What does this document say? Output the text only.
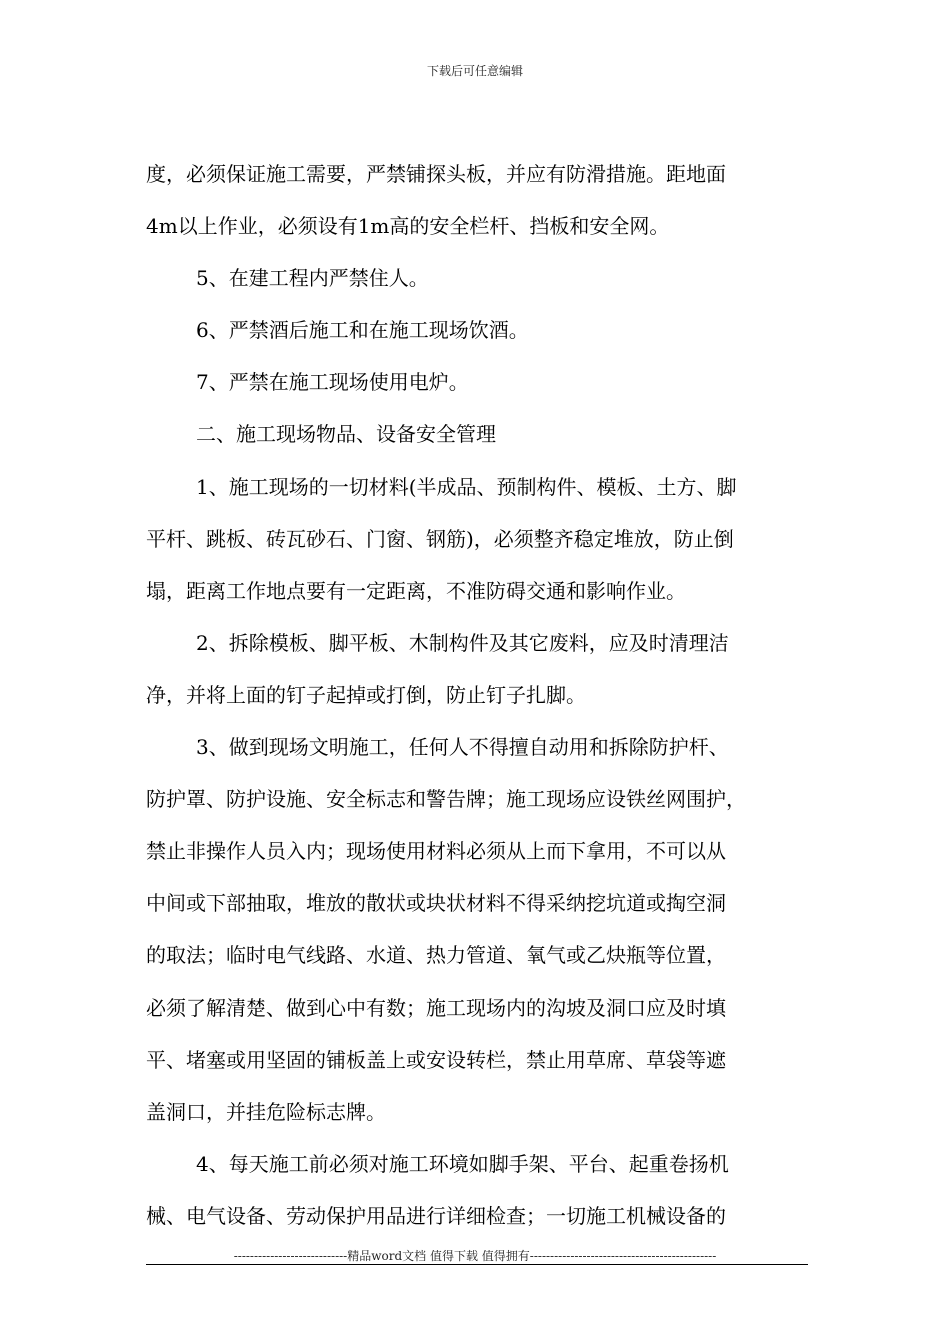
下载后可任意编辑
度，必须保证施工需要，严禁铺探头板，并应有防滑措施。距地面
4m以上作业，必须设有1m高的安全栏杆、挡板和安全网。
5、在建工程内严禁住人。
6、严禁酒后施工和在施工现场饮酒。
7、严禁在施工现场使用电炉。
二、施工现场物品、设备安全管理
1、施工现场的一切材料(半成品、预制构件、模板、土方、脚
平杆、跳板、砖瓦砂石、门窗、钢筋)，必须整齐稳定堆放，防止倒
塌，距离工作地点要有一定距离，不准防碍交通和影响作业。
2、拆除模板、脚平板、木制构件及其它废料，应及时清理洁
净，并将上面的钉子起掉或打倒，防止钉子扎脚。
3、做到现场文明施工，任何人不得擅自动用和拆除防护杆、
防护罩、防护设施、安全标志和警告牌；施工现场应设铁丝网围护，
禁止非操作人员入内；现场使用材料必须从上而下拿用，不可以从
中间或下部抽取，堆放的散状或块状材料不得采纳挖坑道或掏空洞
的取法；临时电气线路、水道、热力管道、氧气或乙炔瓶等位置，
必须了解清楚、做到心中有数；施工现场内的沟坡及洞口应及时填
平、堵塞或用坚固的铺板盖上或安设转栏，禁止用草席、草袋等遮
盖洞口，并挂危险标志牌。
4、每天施工前必须对施工环境如脚手架、平台、起重卷扬机
械、电气设备、劳动保护用品进行详细检查；一切施工机械设备的
----------------------------精品word文档 值得下载 值得拥有----------------------------------------------
